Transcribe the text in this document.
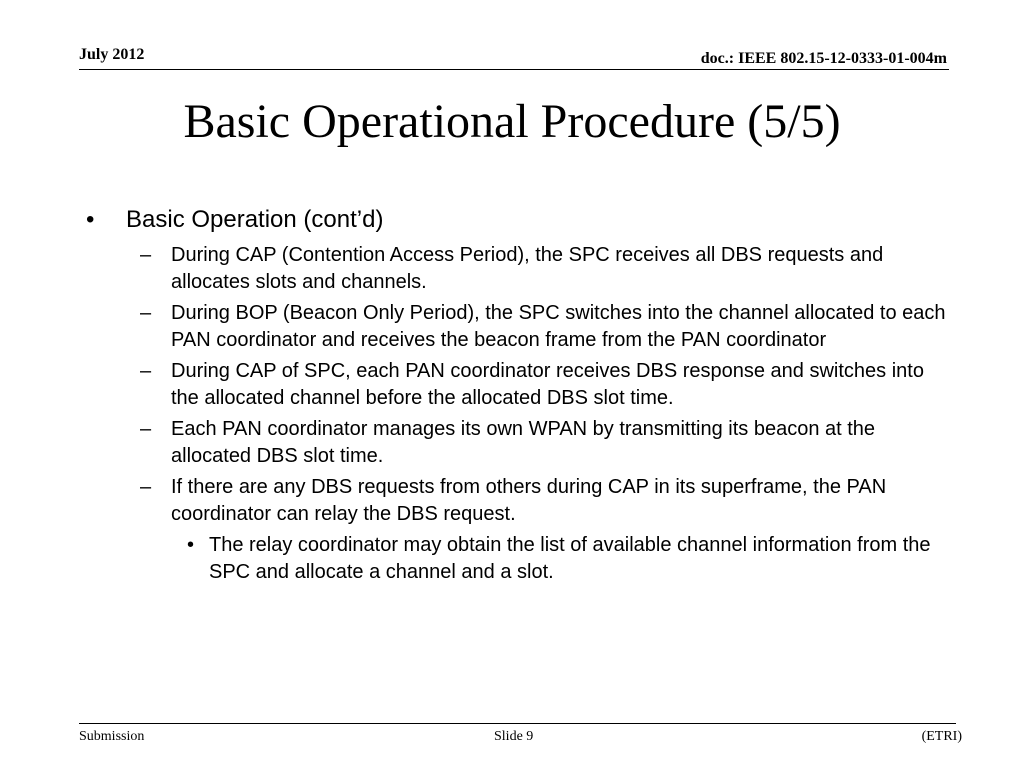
July 2012	doc.: IEEE 802.15-12-0333-01-004m
Basic Operational Procedure (5/5)
• Basic Operation (cont’d)
– During CAP (Contention Access Period), the SPC receives all DBS requests and allocates slots and channels.
– During BOP (Beacon Only Period), the SPC switches into the channel allocated to each PAN coordinator and receives the beacon frame from the PAN coordinator
– During CAP of SPC, each PAN coordinator receives DBS response and switches into the allocated channel before the allocated DBS slot time.
– Each PAN coordinator manages its own WPAN by transmitting its beacon at the allocated DBS slot time.
– If there are any DBS requests from others during CAP in its superframe, the PAN coordinator can relay the DBS request.
• The relay coordinator may obtain the list of available channel information from the SPC and allocate a channel and a slot.
Submission	Slide 9	(ETRI)
